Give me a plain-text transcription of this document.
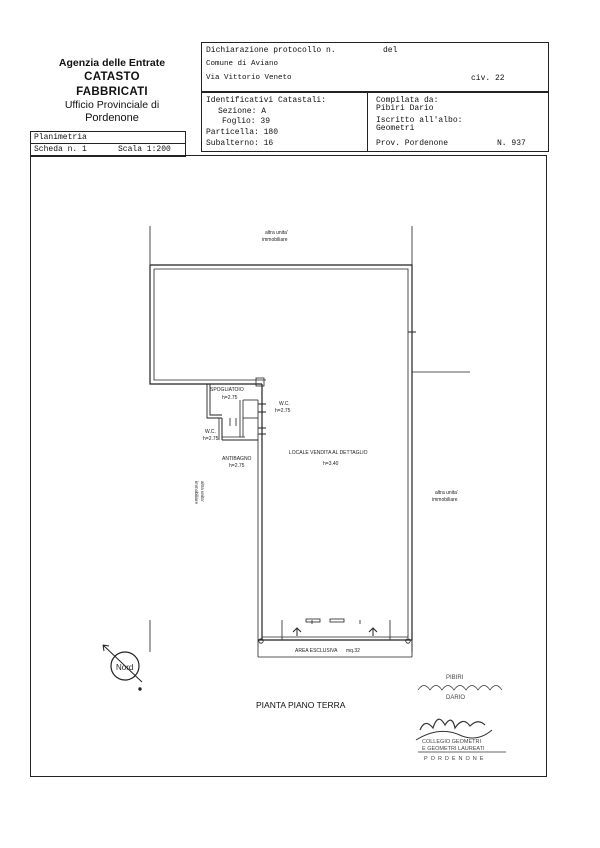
Agenzia delle Entrate
CATASTO FABBRICATI
Ufficio Provinciale di
Pordenone
Dichiarazione protocollo n.	del
Comune di Aviano
Via Vittorio Veneto	civ. 22
Identificativi Catastali:
Sezione: A
Foglio: 39
Particella: 180
Subalterno: 16
Compilata da:
Pibiri Dario
Iscritto all'albo:
Geometri
Prov. Pordenone	N. 937
Planimetria
Scheda n. 1	Scala 1:200
altra unita'
immobiliare
altra unita'
immobiliare
SPOGLIATOIO
h=2.75
W.C.
h=2.75
W.C.
h=2.75
ANTIBAGNO
h=2.75
LOCALE VENDITA AL DETTAGLIO
h=3.40
AREA ESCLUSIVA mq.32
altra unita'
immobiliare
Nord
PIANTA PIANO TERRA
PIBIRI
DARIO
COLLEGIO GEOMETRI
E GEOMETRI LAUREATI
PORDENONE
